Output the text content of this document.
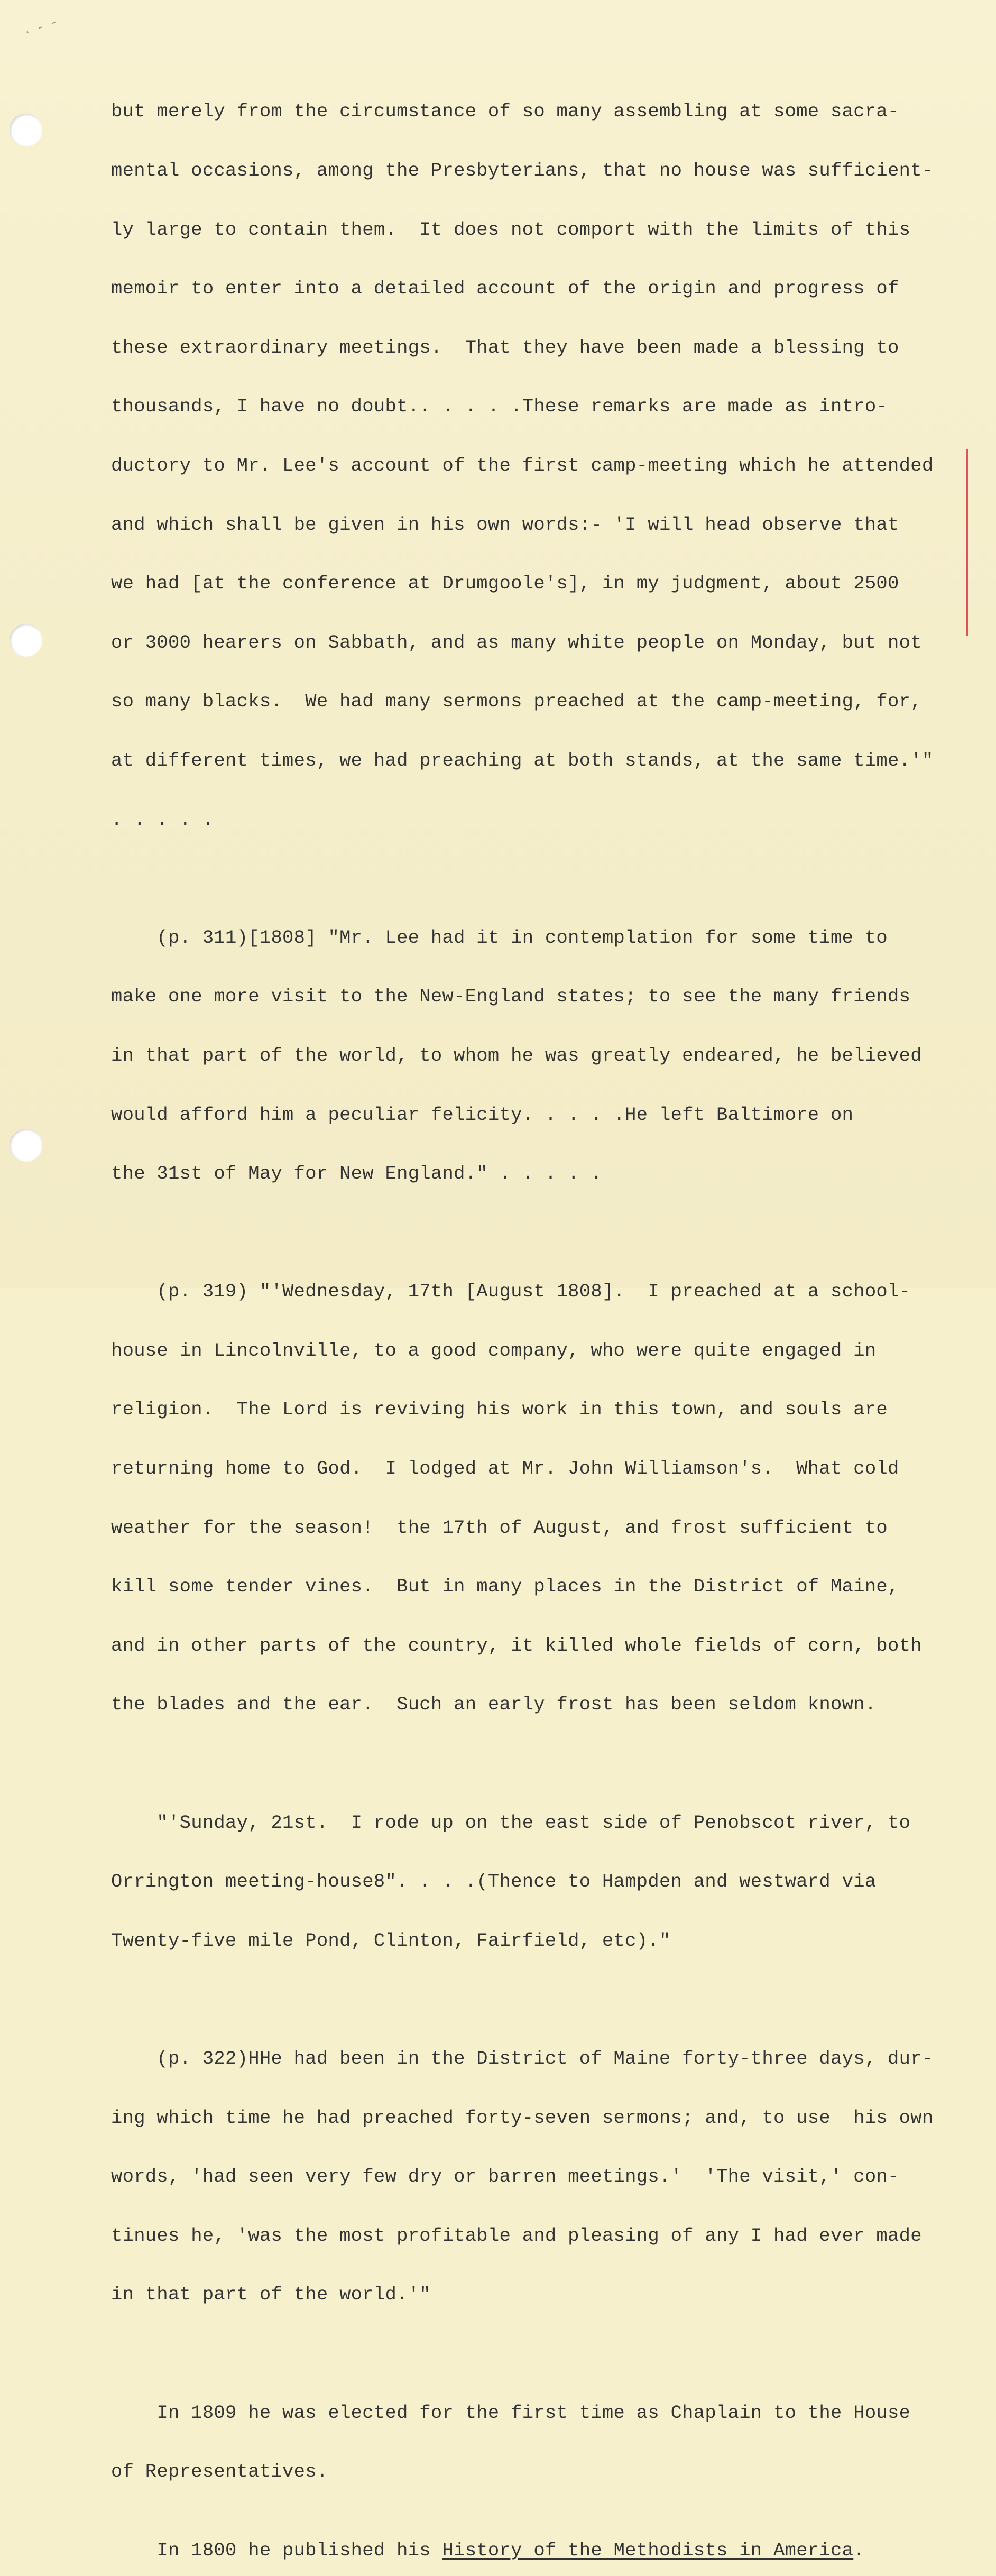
· ‐ ‐

but merely from the circumstance of so many assembling at some sacra-

mental occasions, among the Presbyterians, that no house was sufficient-

ly large to contain them.  It does not comport with the limits of this

memoir to enter into a detailed account of the origin and progress of

these extraordinary meetings.  That they have been made a blessing to

thousands, I have no doubt.. . . . .These remarks are made as intro-

ductory to Mr. Lee's account of the first camp-meeting which he attended

and which shall be given in his own words:- 'I will head observe that

we had [at the conference at Drumgoole's], in my judgment, about 2500

or 3000 hearers on Sabbath, and as many white people on Monday, but not

so many blacks.  We had many sermons preached at the camp-meeting, for,

at different times, we had preaching at both stands, at the same time.'"

. . . . .

(p. 311)[1808] "Mr. Lee had it in contemplation for some time to

make one more visit to the New-England states; to see the many friends

in that part of the world, to whom he was greatly endeared, he believed

would afford him a peculiar felicity. . . . .He left Baltimore on

the 31st of May for New England." . . . . .

(p. 319) "'Wednesday, 17th [August 1808].  I preached at a school-

house in Lincolnville, to a good company, who were quite engaged in

religion.  The Lord is reviving his work in this town, and souls are

returning home to God.  I lodged at Mr. John Williamson's.  What cold

weather for the season!  the 17th of August, and frost sufficient to

kill some tender vines.  But in many places in the District of Maine,

and in other parts of the country, it killed whole fields of corn, both

the blades and the ear.  Such an early frost has been seldom known.

"'Sunday, 21st.  I rode up on the east side of Penobscot river, to

Orrington meeting-house8". . . .(Thence to Hampden and westward via

Twenty-five mile Pond, Clinton, Fairfield, etc)."

(p. 322)HHe had been in the District of Maine forty-three days, dur-

ing which time he had preached forty-seven sermons; and, to use  his own

words, 'had seen very few dry or barren meetings.'  'The visit,' con-

tinues he, 'was the most profitable and pleasing of any I had ever made

in that part of the world.'"

In 1809 he was elected for the first time as Chaplain to the House

of Representatives.

In 1800 he published his History of the Methodists in America.
